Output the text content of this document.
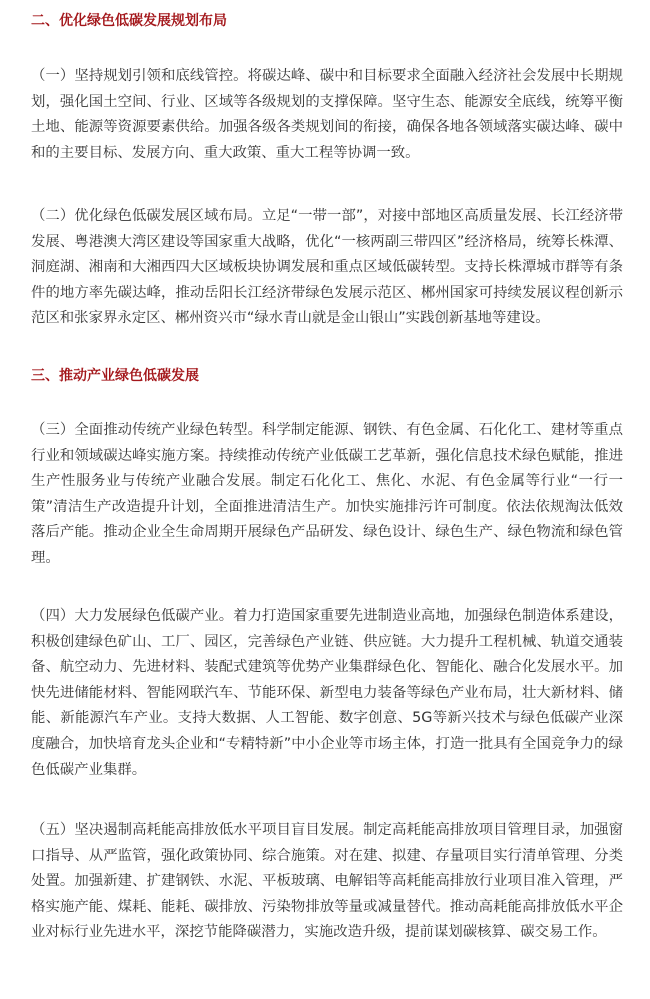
二、优化绿色低碳发展规划布局

（一）坚持规划引领和底线管控。将碳达峰、碳中和目标要求全面融入经济社会发展中长期规划，强化国土空间、行业、区域等各级规划的支撑保障。坚守生态、能源安全底线，统筹平衡土地、能源等资源要素供给。加强各级各类规划间的衔接，确保各地各领域落实碳达峰、碳中和的主要目标、发展方向、重大政策、重大工程等协调一致。

（二）优化绿色低碳发展区域布局。立足“一带一部”，对接中部地区高质量发展、长江经济带发展、粤港澳大湾区建设等国家重大战略，优化“一核两副三带四区”经济格局，统筹长株潭、洞庭湖、湘南和大湘西四大区域板块协调发展和重点区域低碳转型。支持长株潭城市群等有条件的地方率先碳达峰，推动岳阳长江经济带绿色发展示范区、郴州国家可持续发展议程创新示范区和张家界永定区、郴州资兴市“绿水青山就是金山银山”实践创新基地等建设。

三、推动产业绿色低碳发展

（三）全面推动传统产业绿色转型。科学制定能源、钢铁、有色金属、石化化工、建材等重点行业和领域碳达峰实施方案。持续推动传统产业低碳工艺革新，强化信息技术绿色赋能，推进生产性服务业与传统产业融合发展。制定石化化工、焦化、水泥、有色金属等行业“一行一策”清洁生产改造提升计划，全面推进清洁生产。加快实施排污许可制度。依法依规淘汰低效落后产能。推动企业全生命周期开展绿色产品研发、绿色设计、绿色生产、绿色物流和绿色管理。

（四）大力发展绿色低碳产业。着力打造国家重要先进制造业高地，加强绿色制造体系建设，积极创建绿色矿山、工厂、园区，完善绿色产业链、供应链。大力提升工程机械、轨道交通装备、航空动力、先进材料、装配式建筑等优势产业集群绿色化、智能化、融合化发展水平。加快先进储能材料、智能网联汽车、节能环保、新型电力装备等绿色产业布局，壮大新材料、储能、新能源汽车产业。支持大数据、人工智能、数字创意、5G等新兴技术与绿色低碳产业深度融合，加快培育龙头企业和“专精特新”中小企业等市场主体，打造一批具有全国竞争力的绿色低碳产业集群。

（五）坚决遏制高耗能高排放低水平项目盲目发展。制定高耗能高排放项目管理目录，加强窗口指导、从严监管，强化政策协同、综合施策。对在建、拟建、存量项目实行清单管理、分类处置。加强新建、扩建钢铁、水泥、平板玻璃、电解铝等高耗能高排放行业项目准入管理，严格实施产能、煤耗、能耗、碳排放、污染物排放等量或减量替代。推动高耗能高排放低水平企业对标行业先进水平，深挖节能降碳潜力，实施改造升级，提前谋划碳核算、碳交易工作。
